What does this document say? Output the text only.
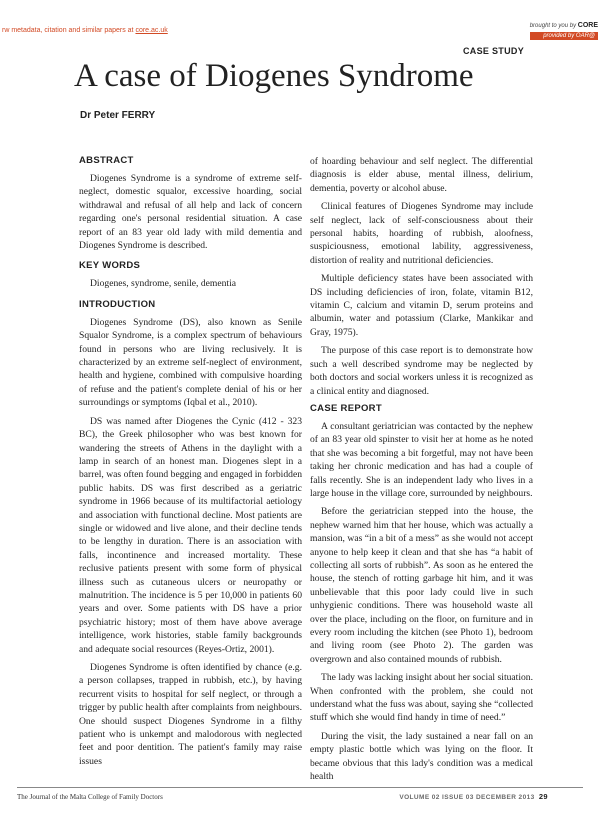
rw metadata, citation and similar papers at core.ac.uk
brought to you by CORE
provided by OAR@
CASE STUDY
A case of Diogenes Syndrome
Dr Peter FERRY
ABSTRACT

Diogenes Syndrome is a syndrome of extreme self-neglect, domestic squalor, excessive hoarding, social withdrawal and refusal of all help and lack of concern regarding one's personal residential situation. A case report of an 83 year old lady with mild dementia and Diogenes Syndrome is described.

KEY WORDS

Diogenes, syndrome, senile, dementia

INTRODUCTION

Diogenes Syndrome (DS), also known as Senile Squalor Syndrome, is a complex spectrum of behaviours found in persons who are living reclusively. It is characterized by an extreme self-neglect of environment, health and hygiene, combined with compulsive hoarding of refuse and the patient's complete denial of his or her surroundings or symptoms (Iqbal et al., 2010).

DS was named after Diogenes the Cynic (412 - 323 BC), the Greek philosopher who was best known for wandering the streets of Athens in the daylight with a lamp in search of an honest man. Diogenes slept in a barrel, was often found begging and engaged in forbidden public habits. DS was first described as a geriatric syndrome in 1966 because of its multifactorial aetiology and association with functional decline. Most patients are single or widowed and live alone, and their decline tends to be lengthy in duration. There is an association with falls, incontinence and increased mortality. These reclusive patients present with some form of physical illness such as cutaneous ulcers or neuropathy or malnutrition. The incidence is 5 per 10,000 in patients 60 years and over. Some patients with DS have a prior psychiatric history; most of them have above average intelligence, work histories, stable family backgrounds and adequate social resources (Reyes-Ortiz, 2001).

Diogenes Syndrome is often identified by chance (e.g. a person collapses, trapped in rubbish, etc.), by having recurrent visits to hospital for self neglect, or through a trigger by public health after complaints from neighbours. One should suspect Diogenes Syndrome in a filthy patient who is unkempt and malodorous with neglected feet and poor dentition. The patient's family may raise issues

of hoarding behaviour and self neglect. The differential diagnosis is elder abuse, mental illness, delirium, dementia, poverty or alcohol abuse.

Clinical features of Diogenes Syndrome may include self neglect, lack of self-consciousness about their personal habits, hoarding of rubbish, aloofness, suspiciousness, emotional lability, aggressiveness, distortion of reality and nutritional deficiencies.

Multiple deficiency states have been associated with DS including deficiencies of iron, folate, vitamin B12, vitamin C, calcium and vitamin D, serum proteins and albumin, water and potassium (Clarke, Mankikar and Gray, 1975).

The purpose of this case report is to demonstrate how such a well described syndrome may be neglected by both doctors and social workers unless it is recognized as a clinical entity and diagnosed.

CASE REPORT

A consultant geriatrician was contacted by the nephew of an 83 year old spinster to visit her at home as he noted that she was becoming a bit forgetful, may not have been taking her chronic medication and has had a couple of falls recently. She is an independent lady who lives in a large house in the village core, surrounded by neighbours.

Before the geriatrician stepped into the house, the nephew warned him that her house, which was actually a mansion, was “in a bit of a mess” as she would not accept anyone to help keep it clean and that she has “a habit of collecting all sorts of rubbish”. As soon as he entered the house, the stench of rotting garbage hit him, and it was unbelievable that this poor lady could live in such unhygienic conditions. There was household waste all over the place, including on the floor, on furniture and in every room including the kitchen (see Photo 1), bedroom and living room (see Photo 2). The garden was overgrown and also contained mounds of rubbish.

The lady was lacking insight about her social situation. When confronted with the problem, she could not understand what the fuss was about, saying she “collected stuff which she would find handy in time of need.”

During the visit, the lady sustained a near fall on an empty plastic bottle which was lying on the floor. It became obvious that this lady's condition was a medical health

The Journal of the Malta College of Family Doctors	VOLUME 02 ISSUE 03 DECEMBER 2013 29
